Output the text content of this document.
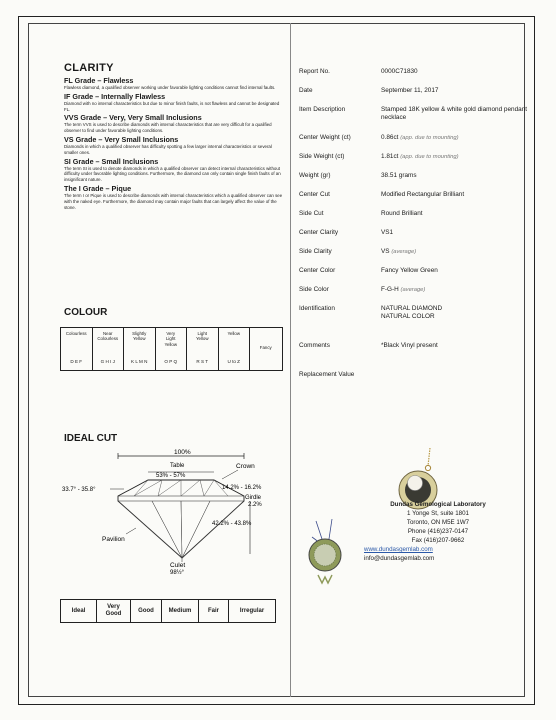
CLARITY
FL Grade – Flawless
Flawless diamond, a qualified observer working under favorable lighting conditions cannot find internal faults.
IF Grade – Internally Flawless
Diamond with no internal characteristics but due to minor finish faults, is not flawless and cannot be designated FL.
VVS Grade – Very, Very Small Inclusions
The term VVS is used to describe diamonds with internal characteristics that are very difficult for a qualified observer to find under favorable lighting conditions.
VS Grade – Very Small Inclusions
Diamonds in which a qualified observer has difficulty spotting a few larger internal characteristics or several smaller ones.
SI Grade – Small Inclusions
The term SI is used to denote diamonds in which a qualified observer can detect internal characteristics without difficulty under favorable lighting conditions. Furthermore, the diamond can only contain single finish faults of an insignificant nature.
The I Grade – Pique
The term I or Pique is used to describe diamonds with internal characteristics which a qualified observer can see with the naked eye. Furthermore, the diamond may contain major faults that can largely affect the value of the stone.
COLOUR
Colourless
D E F
Near
Colourless
G H I J
Slightly
Yellow
K L M N
Very
Light
Yellow
O P Q
Light
Yellow
R S T
Yellow
U to Z
Fancy
IDEAL CUT
100%
Table
53% - 57%
Crown
14.2% - 16.2%
Girdle
2.2%
42.2% - 43.8%
33.7° - 35.8°
Pavilion
Culet
98½°
Ideal
Very
Good
Good	Medium	Fair	Irregular
Report No.	0000C71830
Date	September 11, 2017
Item Description	Stamped 18K yellow & white gold diamond pendant necklace
Center Weight (ct)	0.86ct (app. due to mounting)
Side Weight (ct)	1.81ct (app. due to mounting)
Weight (gr)	38.51 grams
Center Cut	Modified Rectangular Brilliant
Side Cut	Round Brilliant
Center Clarity	VS1
Side Clarity	VS (average)
Center Color	Fancy Yellow Green
Side Color	F-G-H (average)
Identification	NATURAL DIAMOND NATURAL COLOR
Comments	*Black Vinyl present
Replacement Value
Dundas Gemological Laboratory
1 Yonge St, suite 1801
Toronto, ON M5E 1W7
Phone (416)237-0147
Fax (416)207-9662
www.dundasgemlab.com
info@dundasgemlab.com
